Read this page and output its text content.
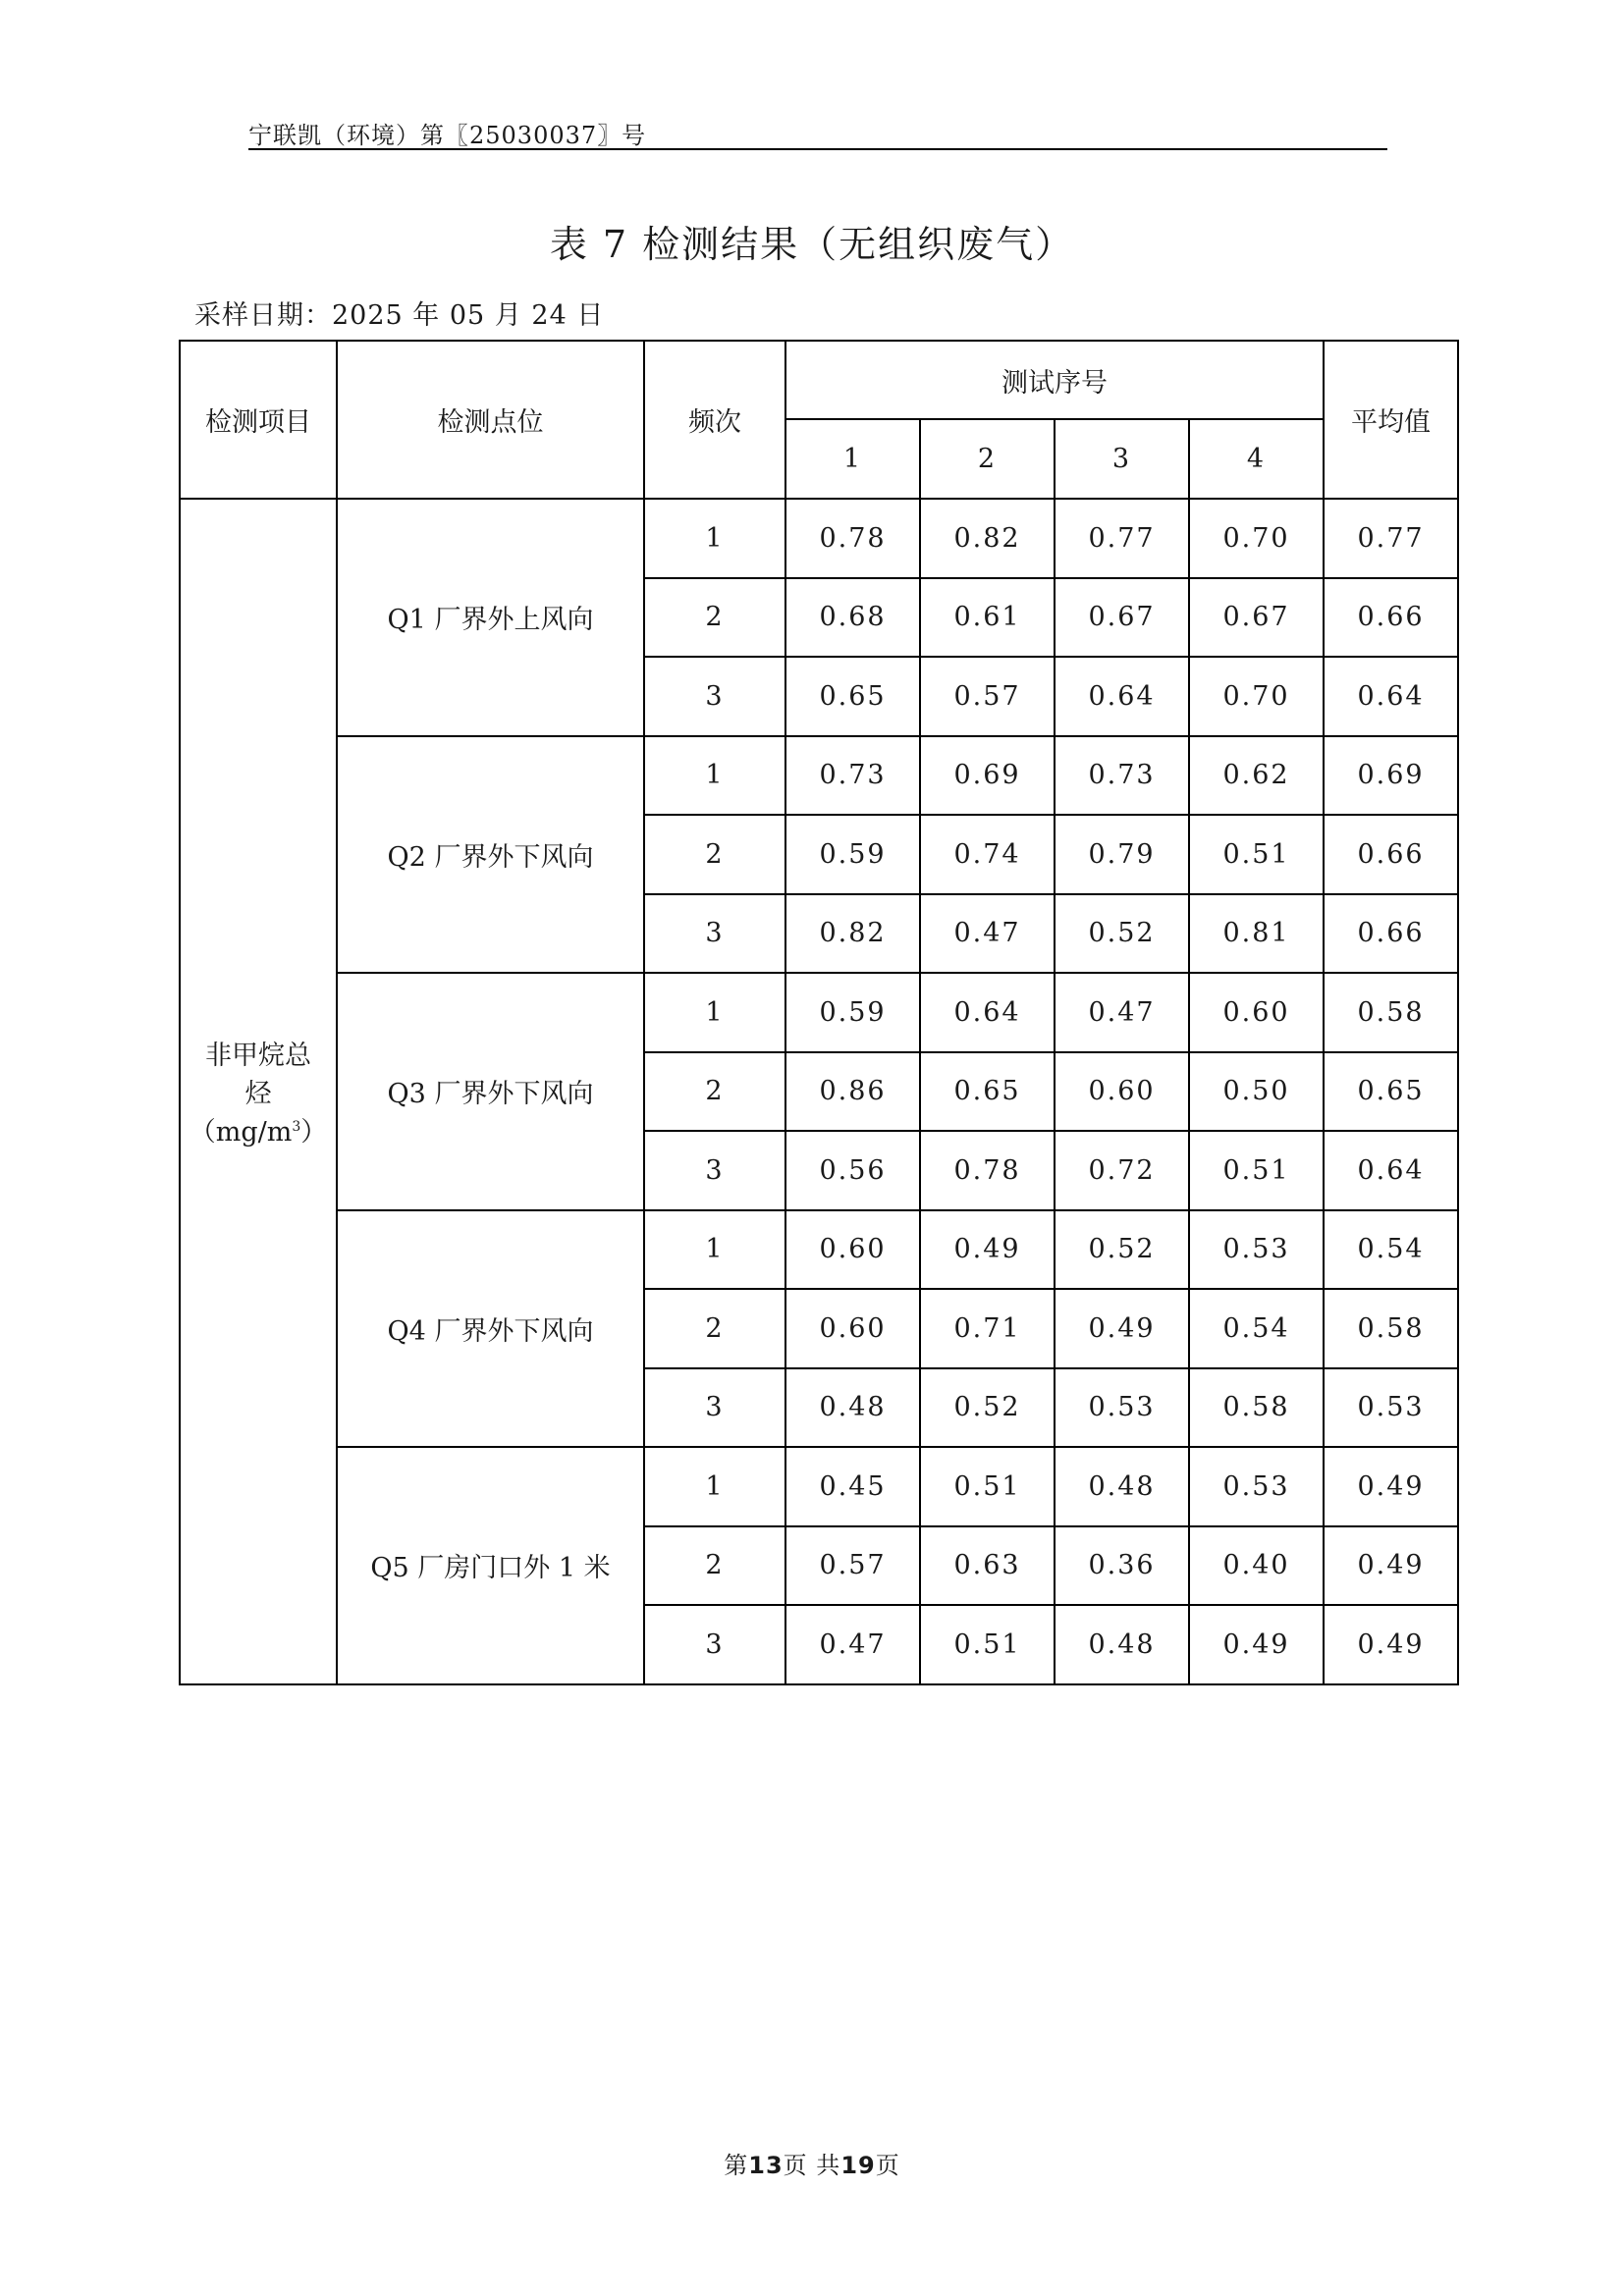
宁联凯（环境）第〖25030037〗号
表 7 检测结果（无组织废气）
采样日期：2025 年 05 月 24 日
检测项目	检测点位	频次	测试序号				平均值
			1	2	3	4	
非甲烷总
烃
$(mg/m^3)$	Q1 厂界外上风向	1	0.78	0.82	0.77	0.70	0.77
		2	0.68	0.61	0.67	0.67	0.66
		3	0.65	0.57	0.64	0.70	0.64
	Q2 厂界外下风向	1	0.73	0.69	0.73	0.62	0.69
		2	0.59	0.74	0.79	0.51	0.66
		3	0.82	0.47	0.52	0.81	0.66
	Q3 厂界外下风向	1	0.59	0.64	0.47	0.60	0.58
		2	0.86	0.65	0.60	0.50	0.65
		3	0.56	0.78	0.72	0.51	0.64
	Q4 厂界外下风向	1	0.60	0.49	0.52	0.53	0.54
		2	0.60	0.71	0.49	0.54	0.58
		3	0.48	0.52	0.53	0.58	0.53
	Q5 厂房门口外 1 米	1	0.45	0.51	0.48	0.53	0.49
		2	0.57	0.63	0.36	0.40	0.49
		3	0.47	0.51	0.48	0.49	0.49
第13页 共19页
